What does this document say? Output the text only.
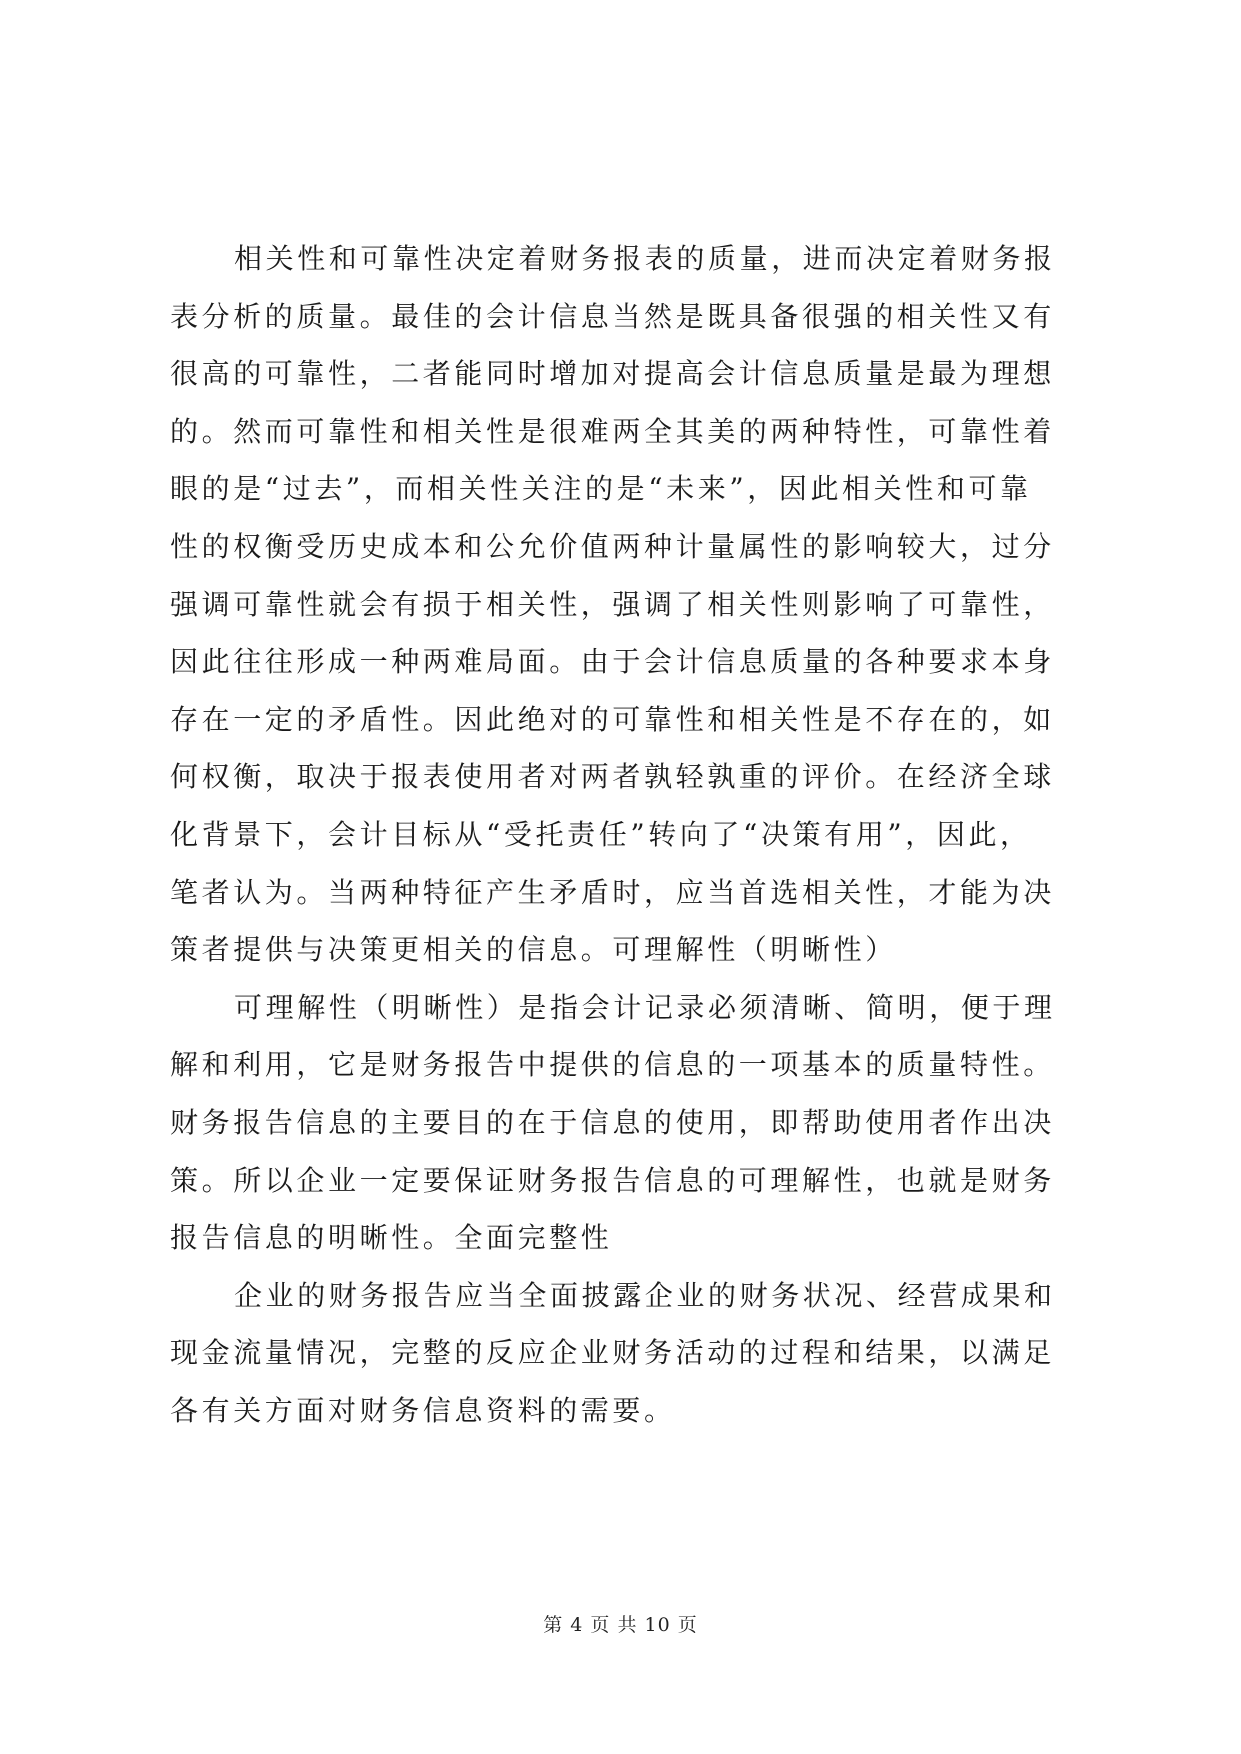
相关性和可靠性决定着财务报表的质量，进而决定着财务报
表分析的质量。最佳的会计信息当然是既具备很强的相关性又有
很高的可靠性，二者能同时增加对提高会计信息质量是最为理想
的。然而可靠性和相关性是很难两全其美的两种特性，可靠性着
眼的是“过去”，而相关性关注的是“未来”，因此相关性和可靠
性的权衡受历史成本和公允价值两种计量属性的影响较大，过分
强调可靠性就会有损于相关性，强调了相关性则影响了可靠性，
因此往往形成一种两难局面。由于会计信息质量的各种要求本身
存在一定的矛盾性。因此绝对的可靠性和相关性是不存在的，如
何权衡，取决于报表使用者对两者孰轻孰重的评价。在经济全球
化背景下，会计目标从“受托责任”转向了“决策有用”，因此，
笔者认为。当两种特征产生矛盾时，应当首选相关性，才能为决
策者提供与决策更相关的信息。可理解性（明晰性）
可理解性（明晰性）是指会计记录必须清晰、简明，便于理
解和利用，它是财务报告中提供的信息的一项基本的质量特性。
财务报告信息的主要目的在于信息的使用，即帮助使用者作出决
策。所以企业一定要保证财务报告信息的可理解性，也就是财务
报告信息的明晰性。全面完整性
企业的财务报告应当全面披露企业的财务状况、经营成果和
现金流量情况，完整的反应企业财务活动的过程和结果，以满足
各有关方面对财务信息资料的需要。
第 4 页 共 10 页
